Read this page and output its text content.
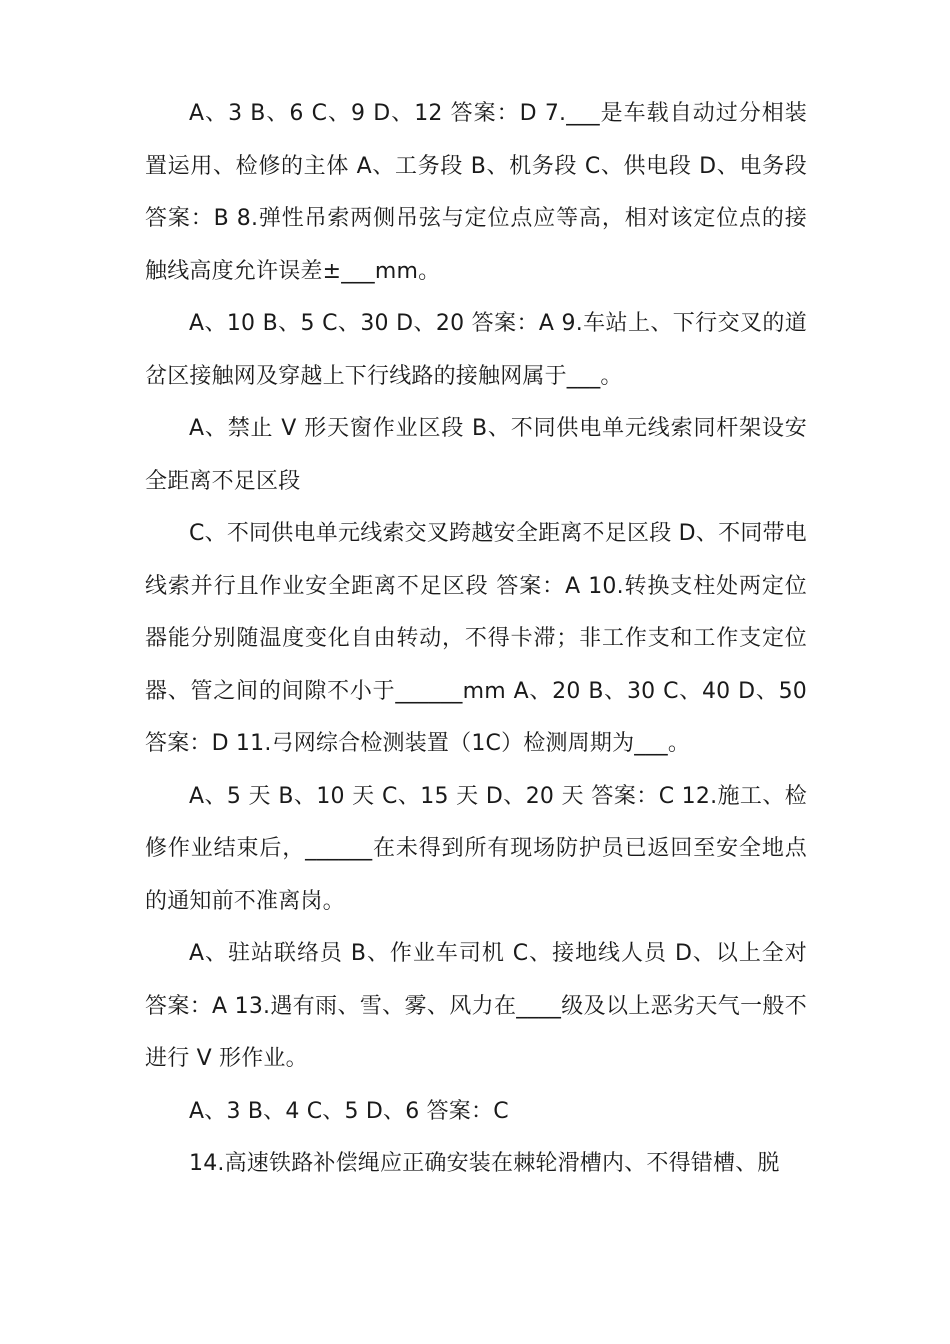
A、3 B、6 C、9 D、12 答案：D 7.___是车载自动过分相装置运用、检修的主体 A、工务段 B、机务段 C、供电段 D、电务段 答案：B 8.弹性吊索两侧吊弦与定位点应等高，相对该定位点的接触线高度允许误差±___mm。

A、10 B、5 C、30 D、20 答案：A 9.车站上、下行交叉的道岔区接触网及穿越上下行线路的接触网属于___。

A、禁止 V 形天窗作业区段 B、不同供电单元线索同杆架设安全距离不足区段

C、不同供电单元线索交叉跨越安全距离不足区段 D、不同带电线索并行且作业安全距离不足区段 答案：A 10.转换支柱处两定位器能分别随温度变化自由转动，不得卡滞；非工作支和工作支定位器、管之间的间隙不小于______mm A、20 B、30 C、40 D、50 答案：D 11.弓网综合检测装置（1C）检测周期为___。

A、5 天 B、10 天 C、15 天 D、20 天 答案：C 12.施工、检修作业结束后，______在未得到所有现场防护员已返回至安全地点的通知前不准离岗。

A、驻站联络员 B、作业车司机 C、接地线人员 D、以上全对 答案：A 13.遇有雨、雪、雾、风力在____级及以上恶劣天气一般不进行 V 形作业。

A、3 B、4 C、5 D、6 答案：C

14.高速铁路补偿绳应正确安装在棘轮滑槽内、不得错槽、脱
